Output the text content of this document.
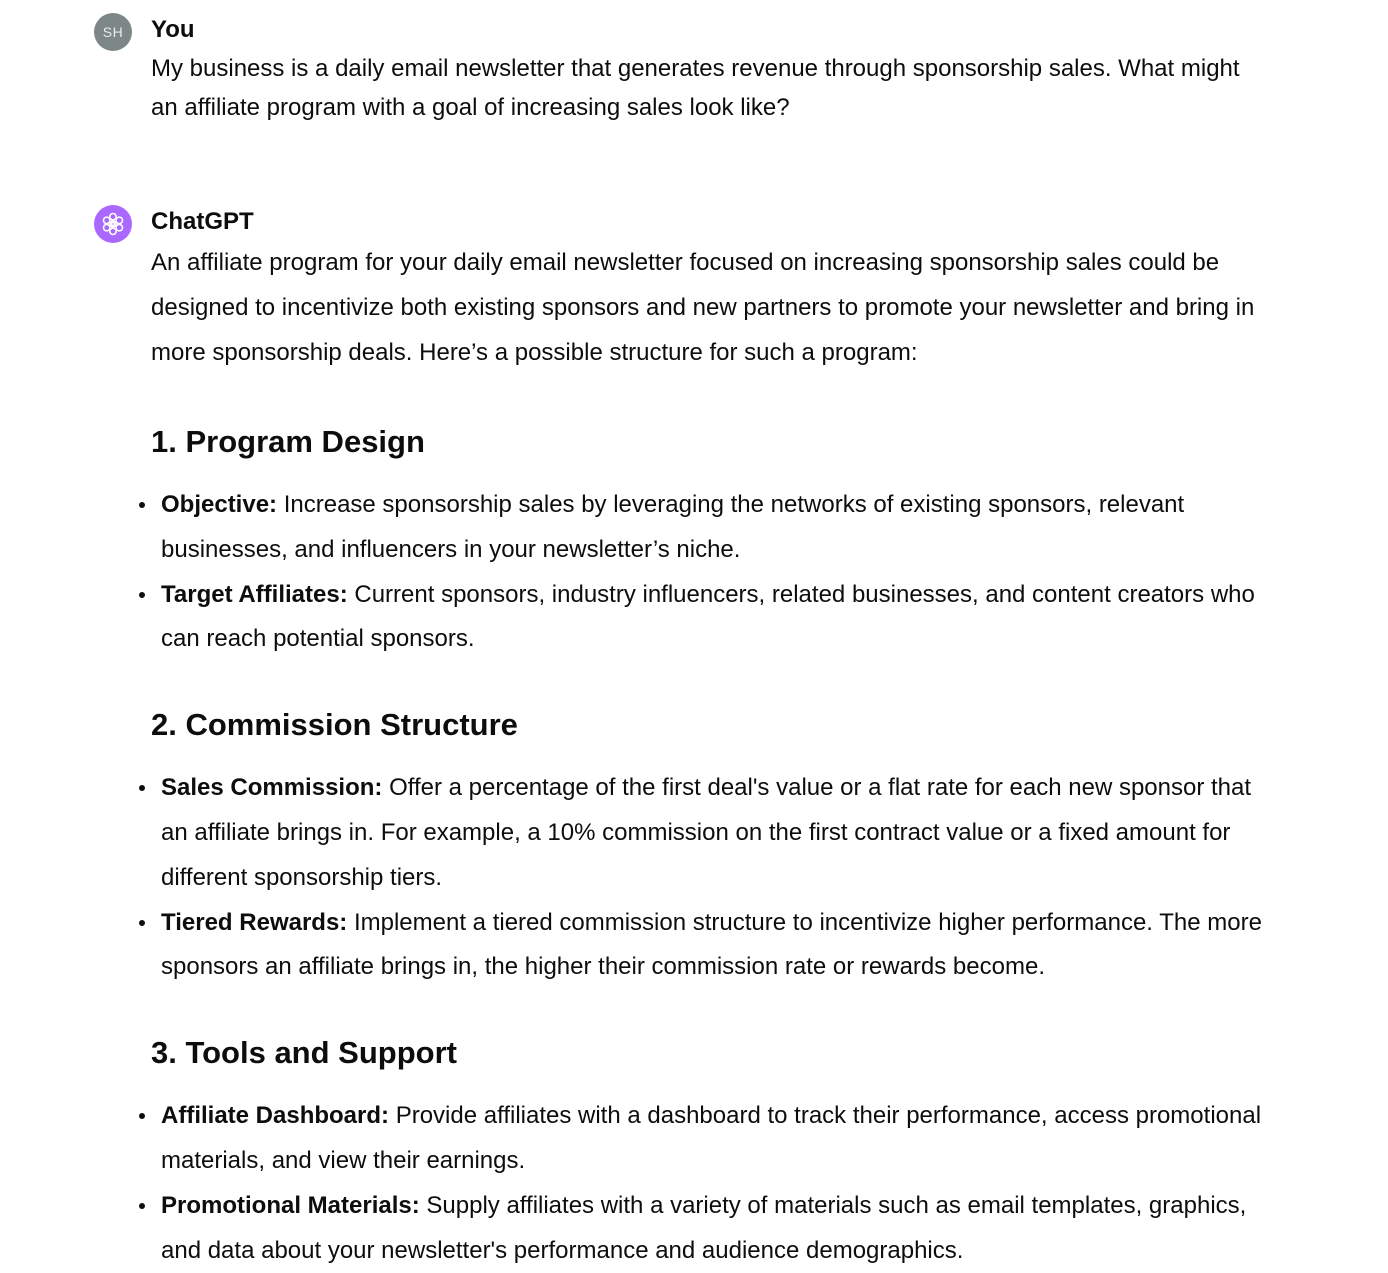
SH You

My business is a daily email newsletter that generates revenue through sponsorship sales. What might an affiliate program with a goal of increasing sales look like?

ChatGPT

An affiliate program for your daily email newsletter focused on increasing sponsorship sales could be designed to incentivize both existing sponsors and new partners to promote your newsletter and bring in more sponsorship deals. Here’s a possible structure for such a program:

1. Program Design
Objective: Increase sponsorship sales by leveraging the networks of existing sponsors, relevant businesses, and influencers in your newsletter’s niche.
Target Affiliates: Current sponsors, industry influencers, related businesses, and content creators who can reach potential sponsors.
2. Commission Structure
Sales Commission: Offer a percentage of the first deal's value or a flat rate for each new sponsor that an affiliate brings in. For example, a 10% commission on the first contract value or a fixed amount for different sponsorship tiers.
Tiered Rewards: Implement a tiered commission structure to incentivize higher performance. The more sponsors an affiliate brings in, the higher their commission rate or rewards become.
3. Tools and Support
Affiliate Dashboard: Provide affiliates with a dashboard to track their performance, access promotional materials, and view their earnings.
Promotional Materials: Supply affiliates with a variety of materials such as email templates, graphics, and data about your newsletter's performance and audience demographics.
